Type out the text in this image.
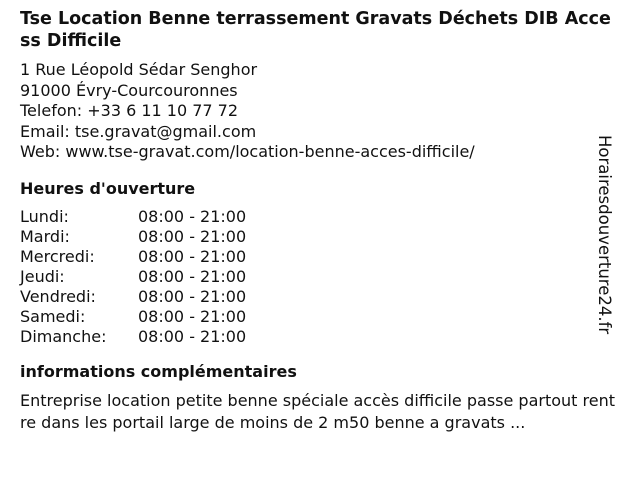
Tse Location Benne terrassement Gravats Déchets DIB Access Difficile
1 Rue Léopold Sédar Senghor
91000 Évry-Courcouronnes
Telefon: +33 6 11 10 77 72
Email: tse.gravat@gmail.com
Web: www.tse-gravat.com/location-benne-acces-difficile/
Heures d'ouverture
Lundi:	08:00 - 21:00
Mardi:	08:00 - 21:00
Mercredi:	08:00 - 21:00
Jeudi:	08:00 - 21:00
Vendredi:	08:00 - 21:00
Samedi:	08:00 - 21:00
Dimanche:	08:00 - 21:00
informations complémentaires
Entreprise location petite benne spéciale accès difficile passe partout rentre dans les portail large de moins de 2 m50 benne a gravats ...
Horairesdouverture24.fr
